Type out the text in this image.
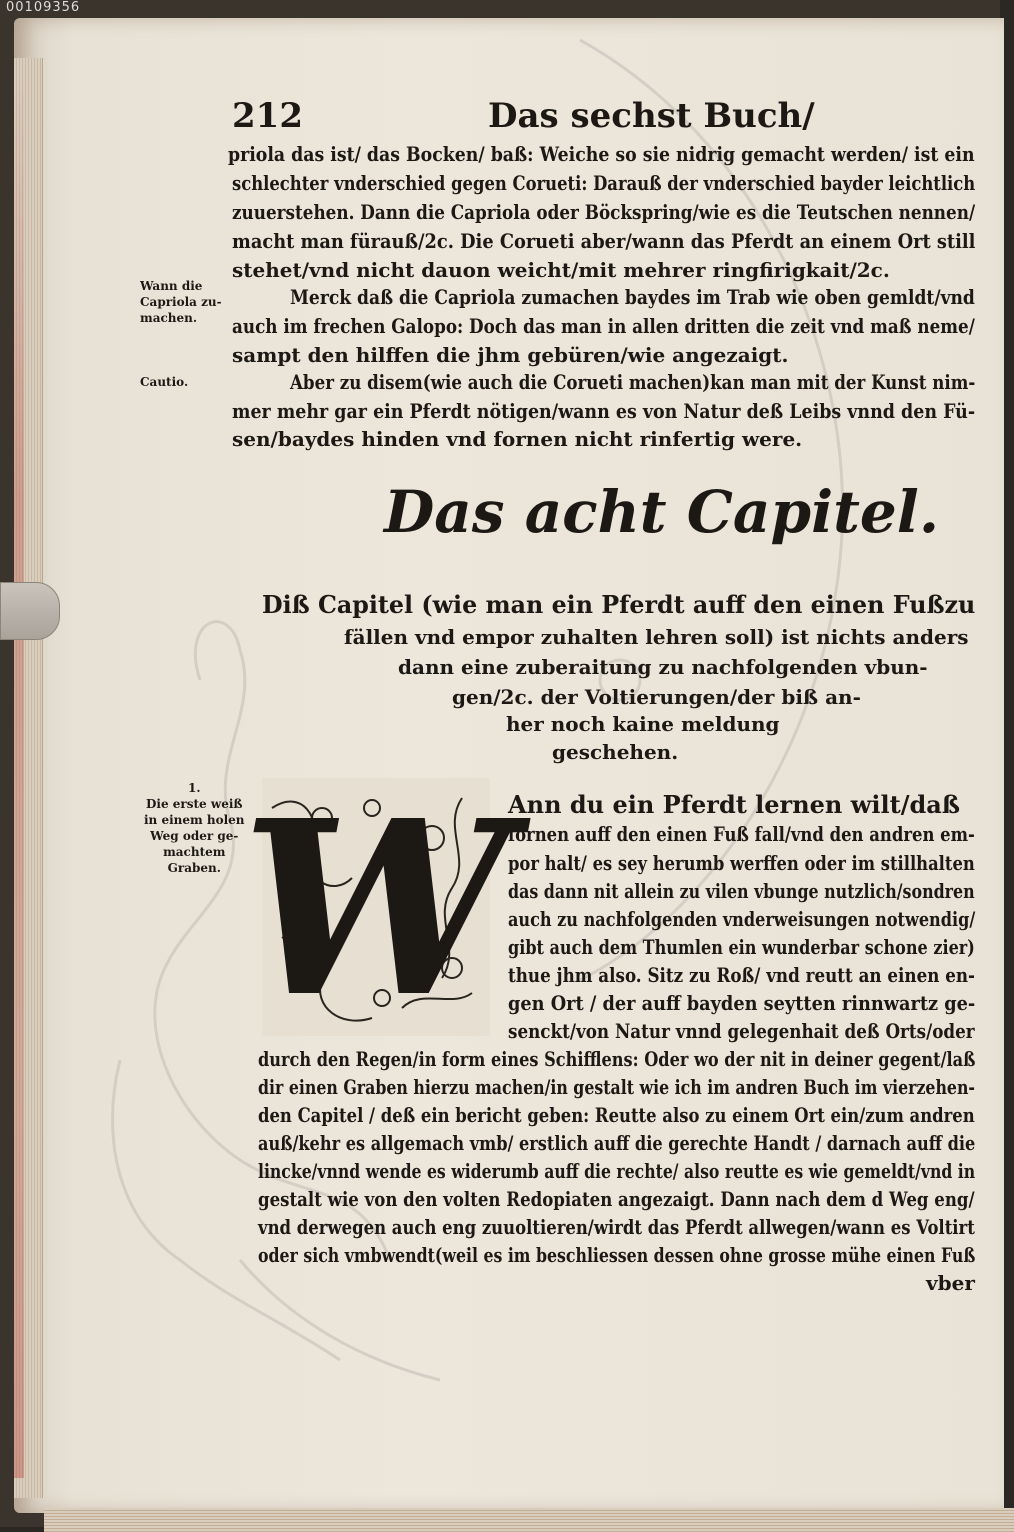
00109356
212	Das sechst Buch/
priola das ist/ das Bocken/ baß: Weiche so sie nidrig gemacht werden/ ist ein
schlechter vnderschied gegen Corueti: Darauß der vnderschied bayder leichtlich
zuuerstehen. Dann die Capriola oder Böckspring/wie es die Teutschen nennen/
macht man fürauß/2c. Die Corueti aber/wann das Pferdt an einem Ort still
stehet/vnd nicht dauon weicht/mit mehrer ringfirigkait/2c.
Merck daß die Capriola zumachen baydes im Trab wie oben gemldt/vnd
auch im frechen Galopo: Doch das man in allen dritten die zeit vnd maß neme/
sampt den hilffen die jhm gebüren/wie angezaigt.
Aber zu disem(wie auch die Corueti machen)kan man mit der Kunst nim-
mer mehr gar ein Pferdt nötigen/wann es von Natur deß Leibs vnnd den Fü-
sen/baydes hinden vnd fornen nicht rinfertig were.
Wann die
Capriola zu-
machen.
Cautio.
1.
Die erste weiß
in einem holen
Weg oder ge-
machtem
Graben.
Das acht Capitel.
Diß Capitel (wie man ein Pferdt auff den einen Fußzu
fällen vnd empor zuhalten lehren soll) ist nichts anders
dann eine zuberaitung zu nachfolgenden vbun-
gen/2c. der Voltierungen/der biß an-
her noch kaine meldung
geschehen.
W
Ann du ein Pferdt lernen wilt/daß
fornen auff den einen Fuß fall/vnd den andren em-
por halt/ es sey herumb werffen oder im stillhalten
das dann nit allein zu vilen vbunge nutzlich/sondren
auch zu nachfolgenden vnderweisungen notwendig/
gibt auch dem Thumlen ein wunderbar schone zier)
thue jhm also. Sitz zu Roß/ vnd reutt an einen en-
gen Ort / der auff bayden seytten rinnwartz ge-
senckt/von Natur vnnd gelegenhait deß Orts/oder
durch den Regen/in form eines Schifflens: Oder wo der nit in deiner gegent/laß
dir einen Graben hierzu machen/in gestalt wie ich im andren Buch im vierzehen-
den Capitel / deß ein bericht geben: Reutte also zu einem Ort ein/zum andren
auß/kehr es allgemach vmb/ erstlich auff die gerechte Handt / darnach auff die
lincke/vnnd wende es widerumb auff die rechte/ also reutte es wie gemeldt/vnd in
gestalt wie von den volten Redopiaten angezaigt. Dann nach dem d Weg eng/
vnd derwegen auch eng zuuoltieren/wirdt das Pferdt allwegen/wann es Voltirt
oder sich vmbwendt(weil es im beschliessen dessen ohne grosse mühe einen Fuß
vber
